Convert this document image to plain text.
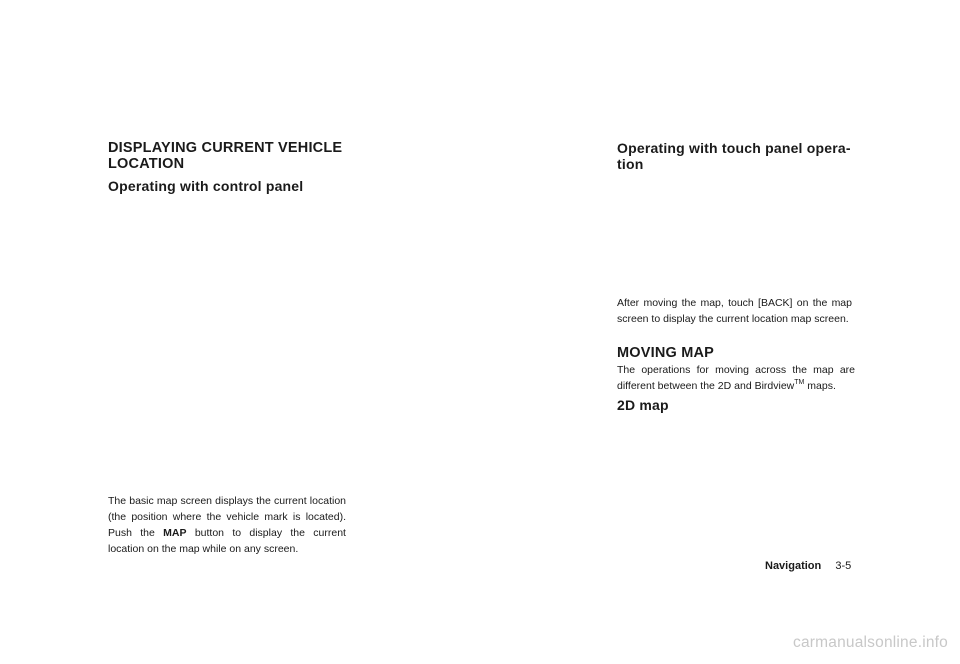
DISPLAYING CURRENT VEHICLE
LOCATION
Operating with control panel

The basic map screen displays the current location (the position where the vehicle mark is located). Push the MAP button to display the current location on the map while on any screen.

Operating with touch panel opera-
tion

After moving the map, touch [BACK] on the map screen to display the current location map screen.

MOVING MAP

The operations for moving across the map are different between the 2D and Birdview™ maps.

2D map
Navigation 3-5
carmanualsonline.info
